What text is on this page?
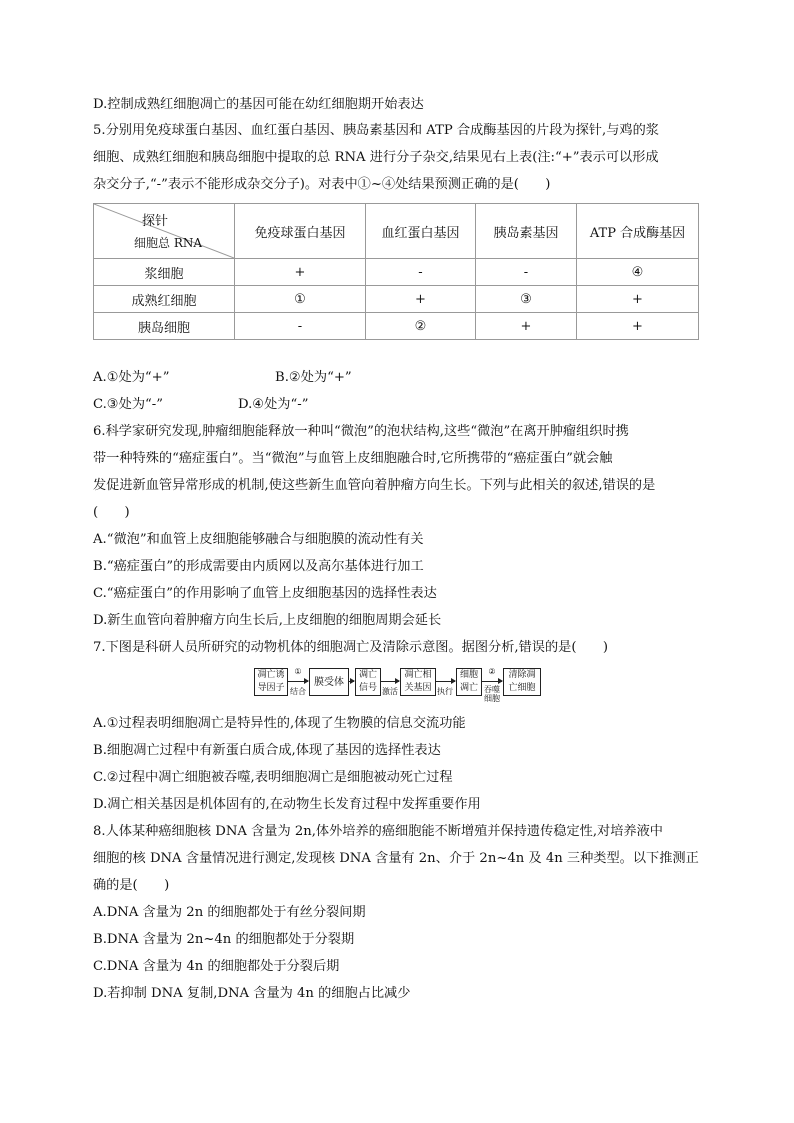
D.控制成熟红细胞凋亡的基因可能在幼红细胞期开始表达
5.分别用免疫球蛋白基因、血红蛋白基因、胰岛素基因和 ATP 合成酶基因的片段为探针,与鸡的浆
细胞、成熟红细胞和胰岛细胞中提取的总 RNA 进行分子杂交,结果见右上表(注:“+”表示可以形成
杂交分子,“-”表示不能形成杂交分子)。对表中①~④处结果预测正确的是(　　)
探针
细胞总 RNA	免疫球蛋白基因	血红蛋白基因	胰岛素基因	ATP 合成酶基因
浆细胞	+	-	-	④
成熟红细胞	①	+	③	+
胰岛细胞	-	②	+	+
A.①处为“+”	B.②处为“+”
C.③处为“-”	D.④处为“-”
6.科学家研究发现,肿瘤细胞能释放一种叫“微泡”的泡状结构,这些“微泡”在离开肿瘤组织时携
带一种特殊的“癌症蛋白”。当“微泡”与血管上皮细胞融合时,它所携带的“癌症蛋白”就会触
发促进新血管异常形成的机制,使这些新生血管向着肿瘤方向生长。下列与此相关的叙述,错误的是
(　　)
A.“微泡”和血管上皮细胞能够融合与细胞膜的流动性有关
B.“癌症蛋白”的形成需要由内质网以及高尔基体进行加工
C.“癌症蛋白”的作用影响了血管上皮细胞基因的选择性表达
D.新生血管向着肿瘤方向生长后,上皮细胞的细胞周期会延长
7.下图是科研人员所研究的动物机体的细胞凋亡及清除示意图。据图分析,错误的是(　　)
凋亡诱
导因子
①
结合
膜受体
凋亡
信号 激活
凋亡相
关基因 执行
细胞
凋亡
②
吞噬
细胞
清除凋
亡细胞
A.①过程表明细胞凋亡是特异性的,体现了生物膜的信息交流功能
B.细胞凋亡过程中有新蛋白质合成,体现了基因的选择性表达
C.②过程中凋亡细胞被吞噬,表明细胞凋亡是细胞被动死亡过程
D.凋亡相关基因是机体固有的,在动物生长发育过程中发挥重要作用
8.人体某种癌细胞核 DNA 含量为 2n,体外培养的癌细胞能不断增殖并保持遗传稳定性,对培养液中
细胞的核 DNA 含量情况进行测定,发现核 DNA 含量有 2n、介于 2n~4n 及 4n 三种类型。以下推测正
确的是(　　)
A.DNA 含量为 2n 的细胞都处于有丝分裂间期
B.DNA 含量为 2n~4n 的细胞都处于分裂期
C.DNA 含量为 4n 的细胞都处于分裂后期
D.若抑制 DNA 复制,DNA 含量为 4n 的细胞占比减少
